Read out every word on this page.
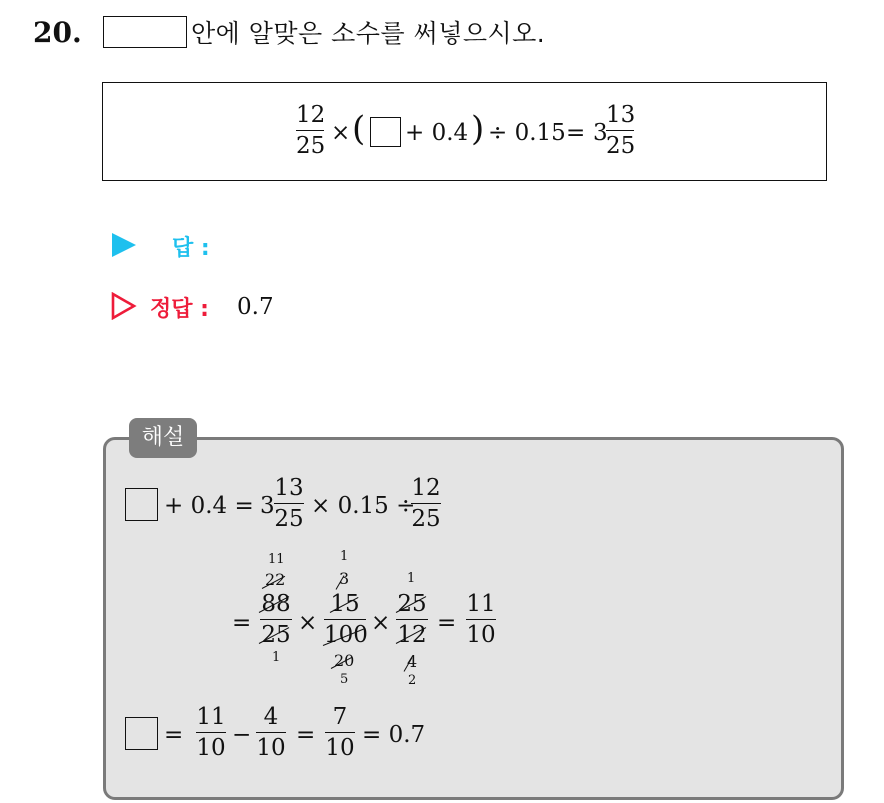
20.	안에 알맞은 소수를 써넣으시오.
12
25 × ( + 0.4 ) ÷ 0.15 = 3
13
25
답 :
정답 : 0.7
해설
+ 0.4 = 3
13
25 × 0.15 ÷
12
25
=
11
22
88
25
1
×
1
3
15
100
20
5
×
1
25
12
4
2
=
11
10
=
11
10 −
4
10 =
7
10 = 0.7
